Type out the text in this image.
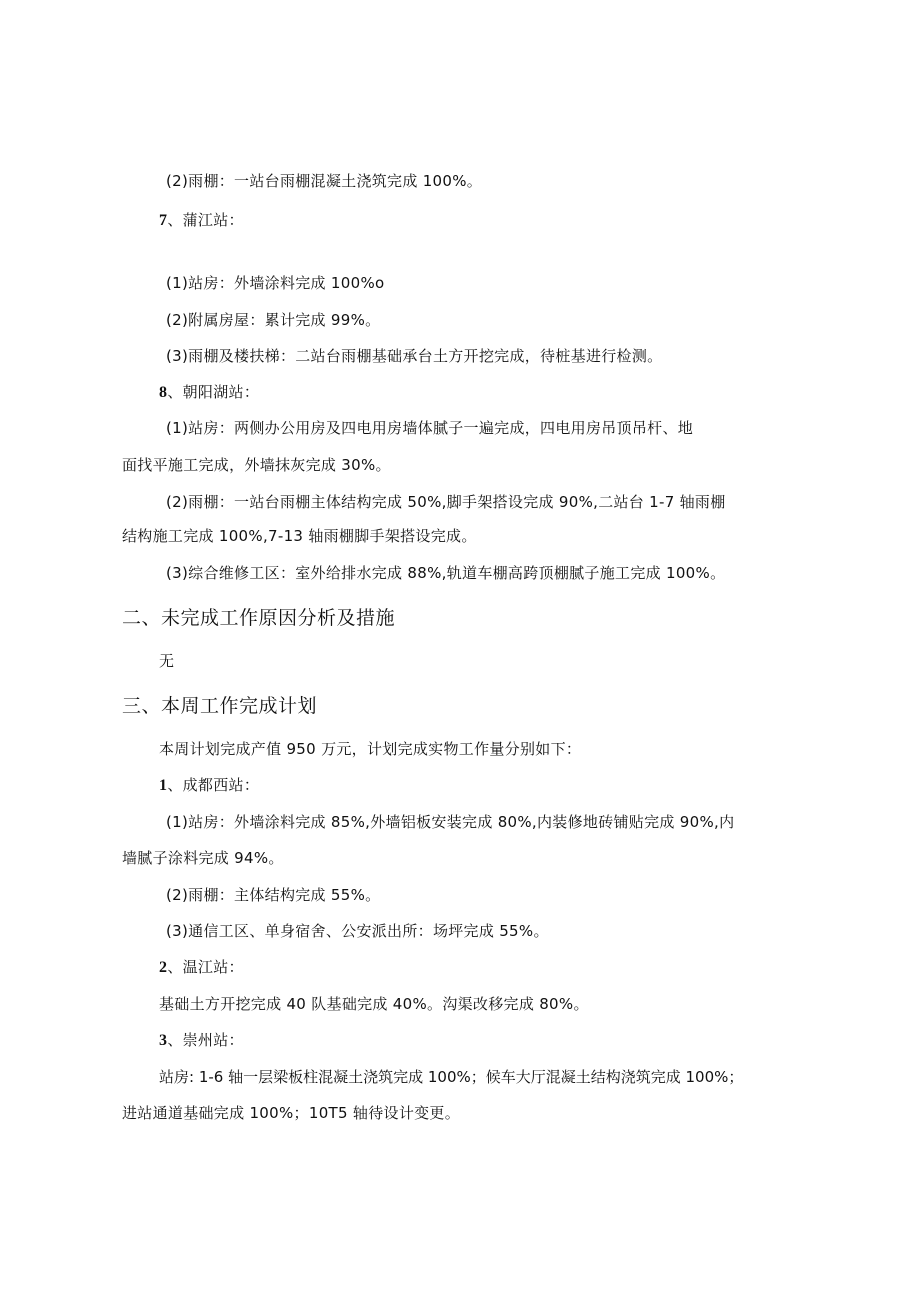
(2)雨棚：一站台雨棚混凝土浇筑完成 100%。
7、蒲江站：
(1)站房：外墙涂料完成 100%o
(2)附属房屋：累计完成 99%。
(3)雨棚及楼扶梯：二站台雨棚基础承台土方开挖完成，待桩基进行检测。
8、朝阳湖站：
(1)站房：两侧办公用房及四电用房墙体腻子一遍完成，四电用房吊顶吊杆、地
面找平施工完成，外墙抹灰完成 30%。
(2)雨棚：一站台雨棚主体结构完成 50%,脚手架搭设完成 90%,二站台 1-7 轴雨棚
结构施工完成 100%,7-13 轴雨棚脚手架搭设完成。
(3)综合维修工区：室外给排水完成 88%,轨道车棚高跨顶棚腻子施工完成 100%。
二、未完成工作原因分析及措施
无
三、本周工作完成计划
本周计划完成产值 950 万元，计划完成实物工作量分别如下：
1、成都西站：
(1)站房：外墙涂料完成 85%,外墙铝板安装完成 80%,内装修地砖铺贴完成 90%,内
墙腻子涂料完成 94%。
(2)雨棚：主体结构完成 55%。
(3)通信工区、单身宿舍、公安派出所：场坪完成 55%。
2、温江站：
基础土方开挖完成 40 队基础完成 40%。沟渠改移完成 80%。
3、崇州站：
站房: 1-6 轴一层梁板柱混凝土浇筑完成 100%；候车大厅混凝土结构浇筑完成 100%；
进站通道基础完成 100%；10T5 轴待设计变更。
